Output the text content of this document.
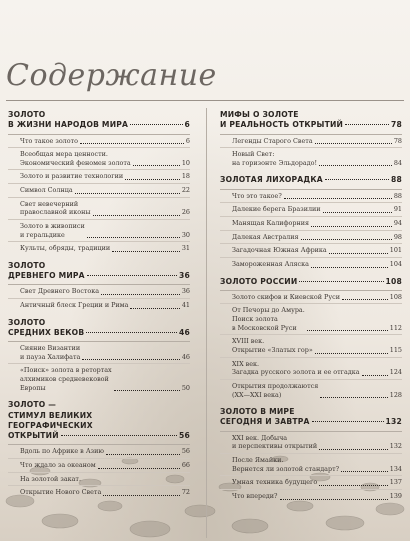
Содержание
ЗОЛОТО
В ЖИЗНИ НАРОДОВ МИРА	6
Что такое золото	6
Всеобщая мера ценности.
Экономический феномен золота	10
Золото и развитие технологии	18
Символ Солнца	22
Свет невечерний
православной иконы	26
Золото в живописи
и геральдике	30
Культы, обряды, традиции	31
ЗОЛОТО
ДРЕВНЕГО МИРА	36
Свет Древнего Востока	36
Античный блеск Греции и Рима	41
ЗОЛОТО
СРЕДНИХ ВЕКОВ	46
Сияние Византии
и пауза Халифата	46
«Поиск» золота в ретортах
алхимиков средневековой
Европы	50
ЗОЛОТО —
СТИМУЛ ВЕЛИКИХ
ГЕОГРАФИЧЕСКИХ
ОТКРЫТИЙ	56
Вдоль по Африке в Азию	56
Что ждало за океаном	66
На золотой закат.
Открытие Нового Света	72
МИФЫ О ЗОЛОТЕ
И РЕАЛЬНОСТЬ ОТКРЫТИЙ	78
Легенды Старого Света	78
Новый Свет:
на горизонте Эльдорадо!	84
ЗОЛОТАЯ ЛИХОРАДКА	88
Что это такое?	88
Далекие берега Бразилии	91
Манящая Калифорния	94
Далекая Австралия	98
Загадочная Южная Африка	101
Замороженная Аляска	104
ЗОЛОТО РОССИИ	108
Золото скифов и Киевской Руси	108
От Печоры до Амура.
Поиск золота
в Московской Руси	112
XVIII век.
Открытие «Златых гор»	115
XIX век.
Загадка русского золота и ее отгадка	124
Открытия продолжаются
(XX—XXI века)	128
ЗОЛОТО В МИРЕ
СЕГОДНЯ И ЗАВТРА	132
XXI век. Добыча
и перспективы открытий	132
После Ямайки.
Вернется ли золотой стандарт?	134
Умная техника будущего	137
Что впереди?	139
